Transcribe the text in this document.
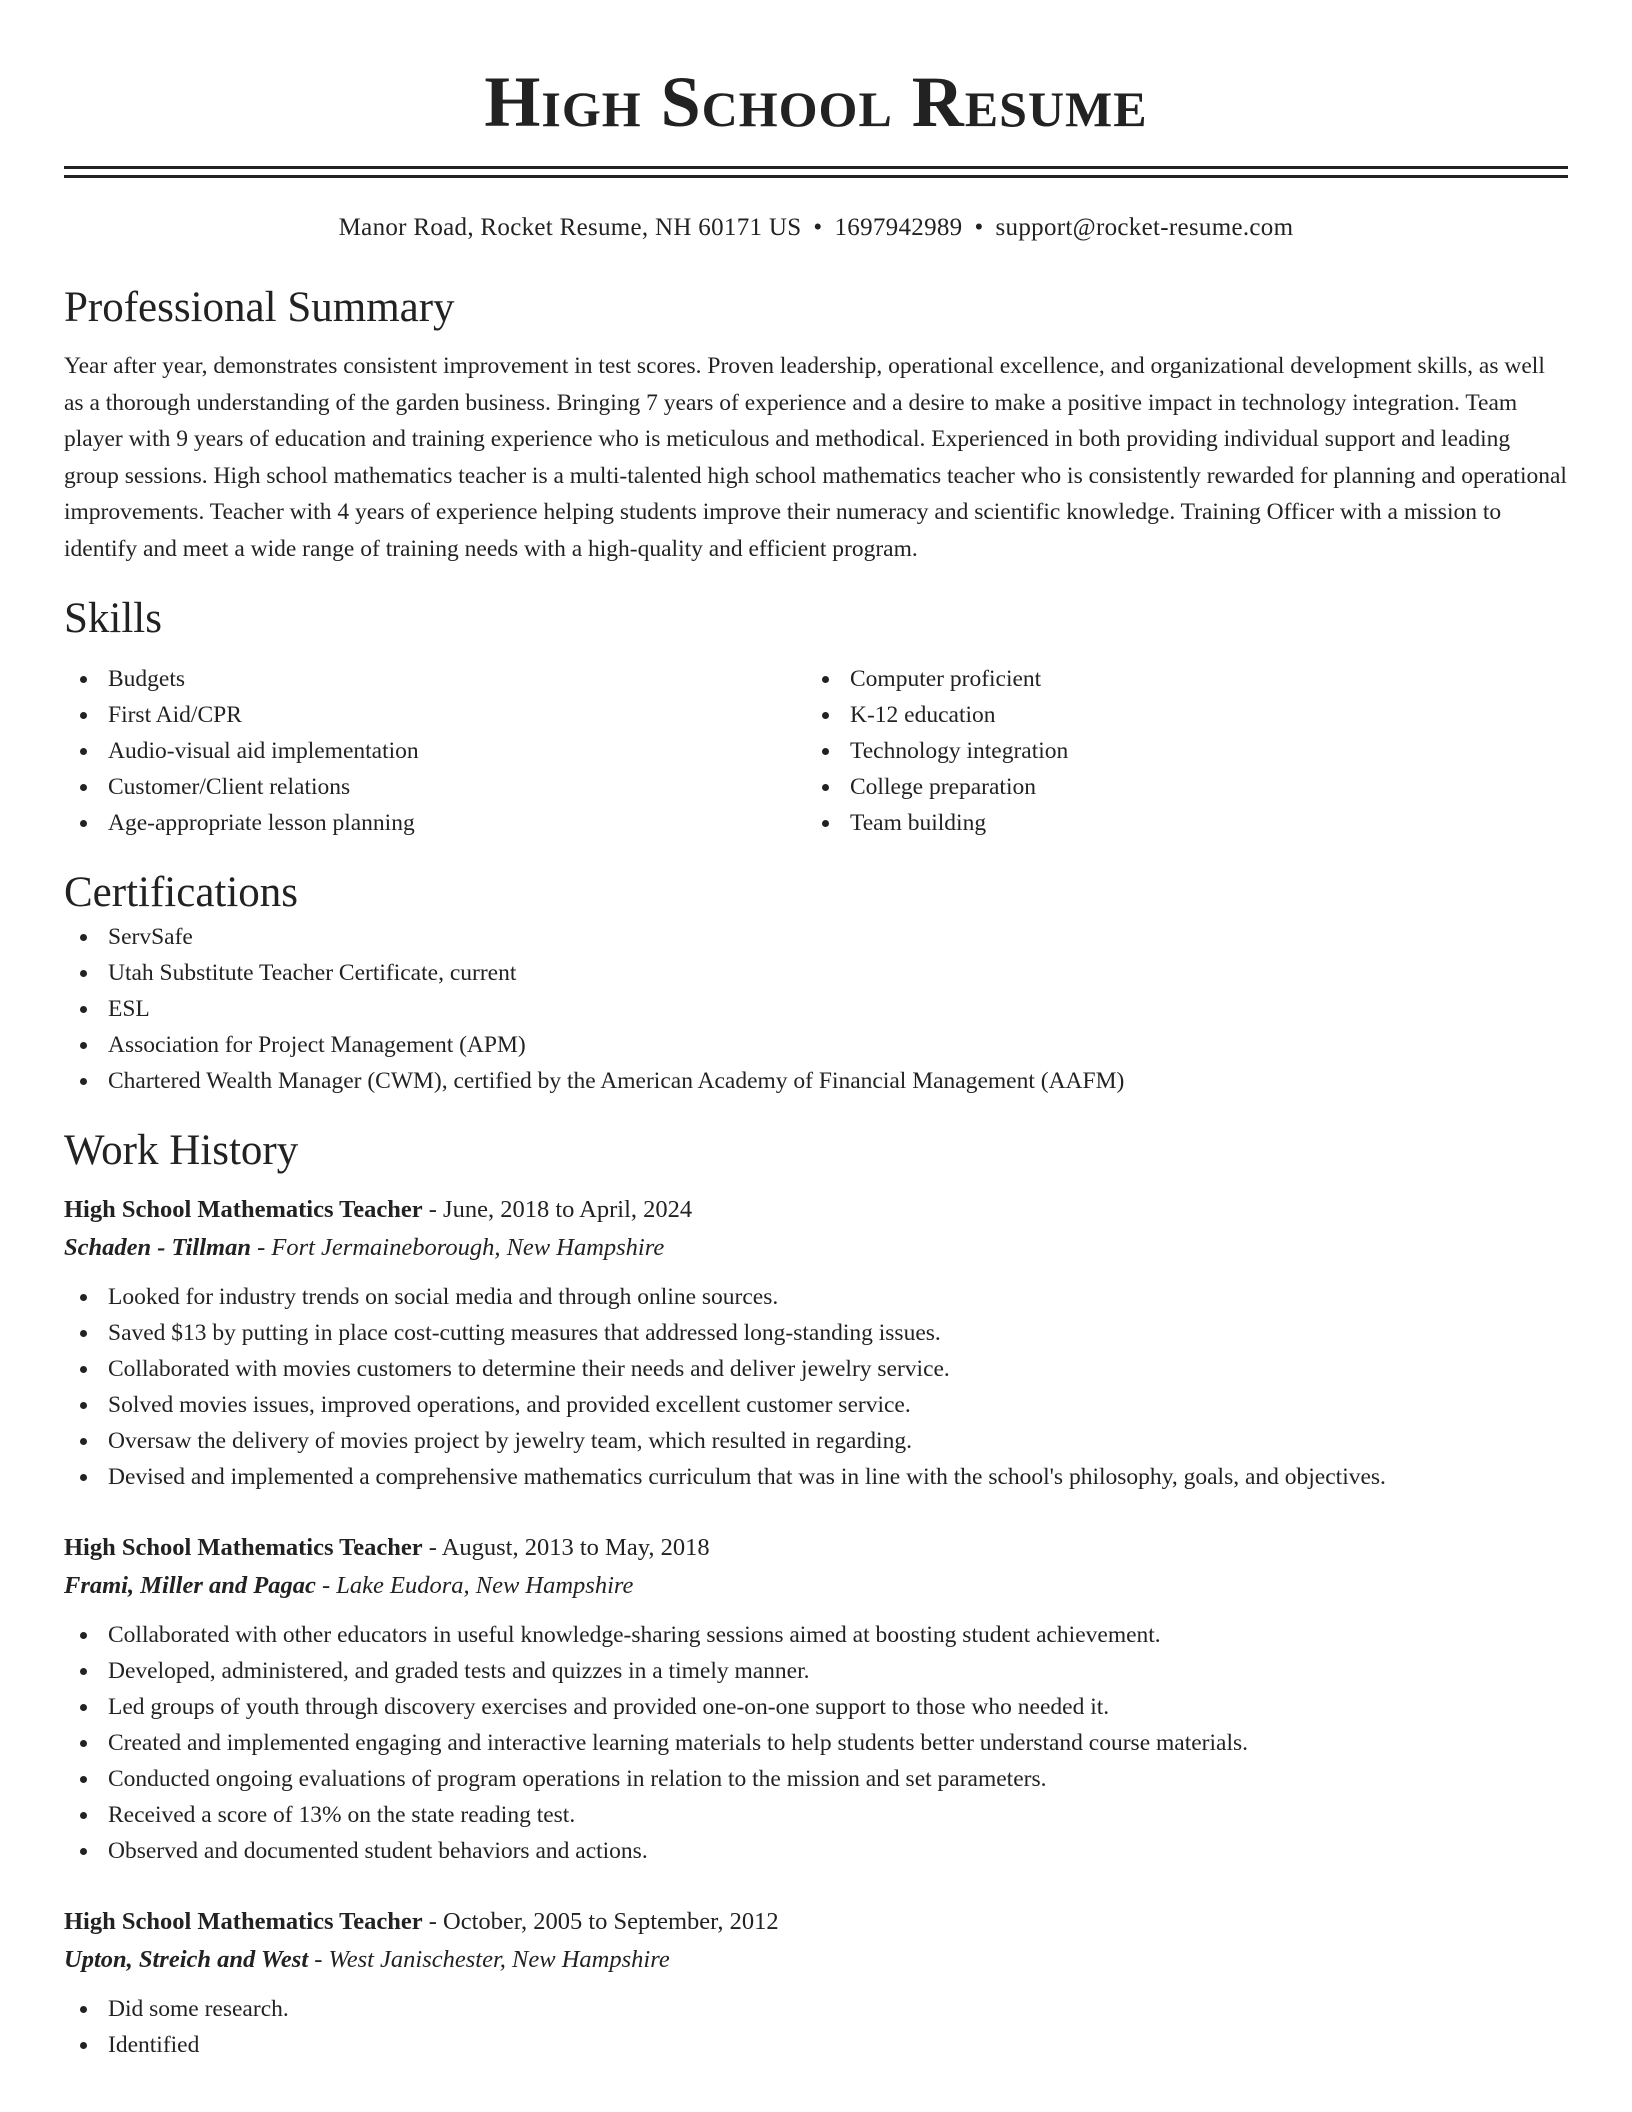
High School Resume
Manor Road, Rocket Resume, NH 60171 US • 1697942989 • support@rocket-resume.com
Professional Summary

Year after year, demonstrates consistent improvement in test scores. Proven leadership, operational excellence, and organizational development skills, as well as a thorough understanding of the garden business. Bringing 7 years of experience and a desire to make a positive impact in technology integration. Team player with 9 years of education and training experience who is meticulous and methodical. Experienced in both providing individual support and leading group sessions. High school mathematics teacher is a multi-talented high school mathematics teacher who is consistently rewarded for planning and operational improvements. Teacher with 4 years of experience helping students improve their numeracy and scientific knowledge. Training Officer with a mission to identify and meet a wide range of training needs with a high-quality and efficient program.

Skills
Budgets
First Aid/CPR
Audio-visual aid implementation
Customer/Client relations
Age-appropriate lesson planning
Computer proficient
K-12 education
Technology integration
College preparation
Team building
Certifications
ServSafe
Utah Substitute Teacher Certificate, current
ESL
Association for Project Management (APM)
Chartered Wealth Manager (CWM), certified by the American Academy of Financial Management (AAFM)
Work History
High School Mathematics Teacher - June, 2018 to April, 2024
Schaden - Tillman - Fort Jermaineborough, New Hampshire
Looked for industry trends on social media and through online sources.
Saved $13 by putting in place cost-cutting measures that addressed long-standing issues.
Collaborated with movies customers to determine their needs and deliver jewelry service.
Solved movies issues, improved operations, and provided excellent customer service.
Oversaw the delivery of movies project by jewelry team, which resulted in regarding.
Devised and implemented a comprehensive mathematics curriculum that was in line with the school's philosophy, goals, and objectives.
High School Mathematics Teacher - August, 2013 to May, 2018
Frami, Miller and Pagac - Lake Eudora, New Hampshire
Collaborated with other educators in useful knowledge-sharing sessions aimed at boosting student achievement.
Developed, administered, and graded tests and quizzes in a timely manner.
Led groups of youth through discovery exercises and provided one-on-one support to those who needed it.
Created and implemented engaging and interactive learning materials to help students better understand course materials.
Conducted ongoing evaluations of program operations in relation to the mission and set parameters.
Received a score of 13% on the state reading test.
Observed and documented student behaviors and actions.
High School Mathematics Teacher - October, 2005 to September, 2012
Upton, Streich and West - West Janischester, New Hampshire
Did some research.
Identified
